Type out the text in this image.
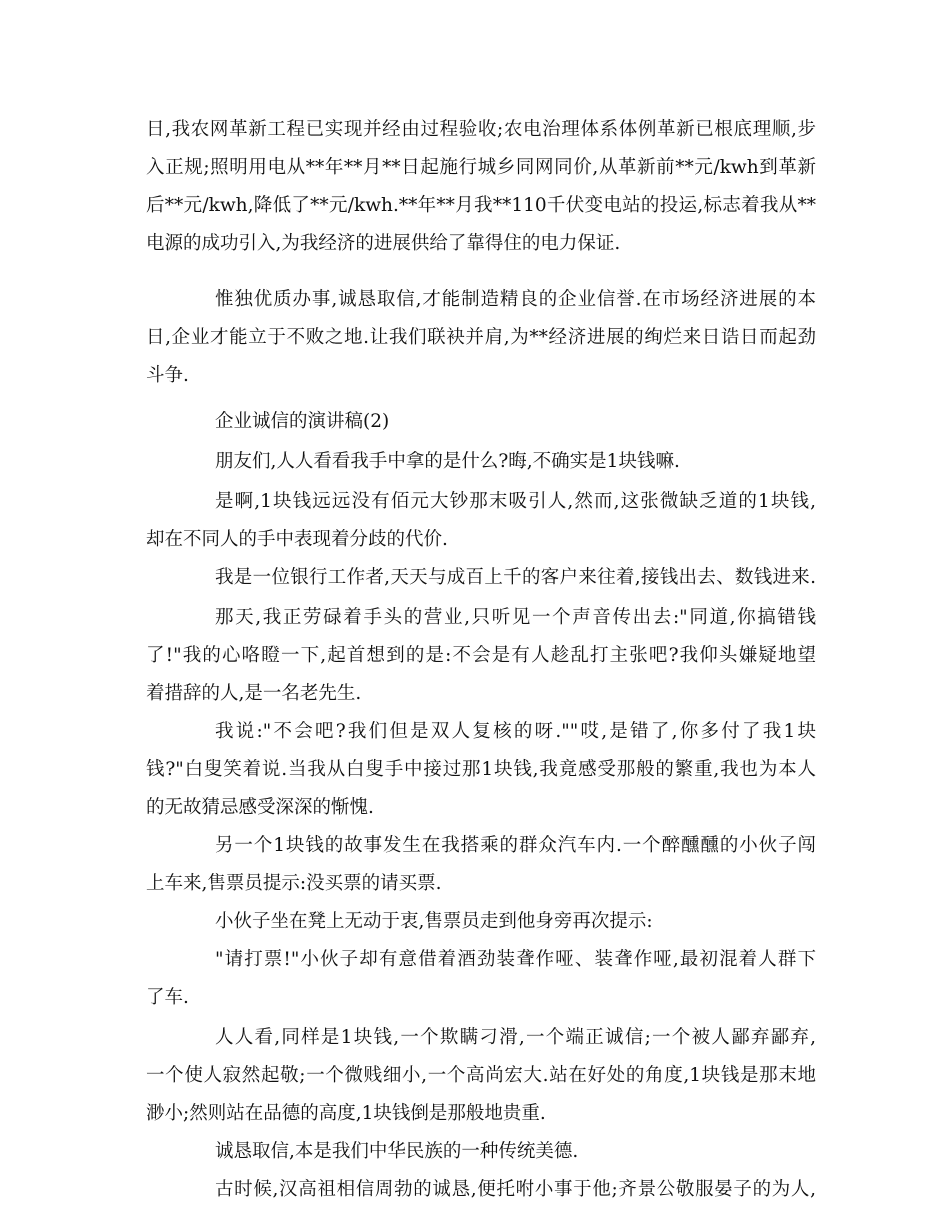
日,我农网革新工程已实现并经由过程验收;农电治理体系体例革新已根底理顺,步
入正规;照明用电从**年**月**日起施行城乡同网同价,从革新前**元/kwh到革新
后**元/kwh,降低了**元/kwh.**年**月我**110千伏变电站的投运,标志着我从**
电源的成功引入,为我经济的进展供给了靠得住的电力保证.
惟独优质办事,诚恳取信,才能制造精良的企业信誉.在市场经济进展的本
日,企业才能立于不败之地.让我们联袂并肩,为**经济进展的绚烂来日诰日而起劲
斗争.
企业诚信的演讲稿(2)
朋友们,人人看看我手中拿的是什么?晦,不确实是1块钱嘛.
是啊,1块钱远远没有佰元大钞那末吸引人,然而,这张微缺乏道的1块钱,
却在不同人的手中表现着分歧的代价.
我是一位银行工作者,天天与成百上千的客户来往着,接钱出去、数钱进来.
那天,我正劳碌着手头的营业,只听见一个声音传出去:"同道,你搞错钱
了!"我的心咯瞪一下,起首想到的是:不会是有人趁乱打主张吧?我仰头嫌疑地望
着措辞的人,是一名老先生.
我说:"不会吧?我们但是双人复核的呀.""哎,是错了,你多付了我1块
钱?"白叟笑着说.当我从白叟手中接过那1块钱,我竟感受那般的繁重,我也为本人
的无故猜忌感受深深的惭愧.
另一个1块钱的故事发生在我搭乘的群众汽车内.一个醉醺醺的小伙子闯
上车来,售票员提示:没买票的请买票.
小伙子坐在凳上无动于衷,售票员走到他身旁再次提示:
"请打票!"小伙子却有意借着酒劲装聋作哑、装聋作哑,最初混着人群下
了车.
人人看,同样是1块钱,一个欺瞒刁滑,一个端正诚信;一个被人鄙弃鄙弃,
一个使人寂然起敬;一个微贱细小,一个高尚宏大.站在好处的角度,1块钱是那末地
渺小;然则站在品德的高度,1块钱倒是那般地贵重.
诚恳取信,本是我们中华民族的一种传统美德.
古时候,汉高祖相信周勃的诚恳,便托咐小事于他;齐景公敬服晏子的为人,
